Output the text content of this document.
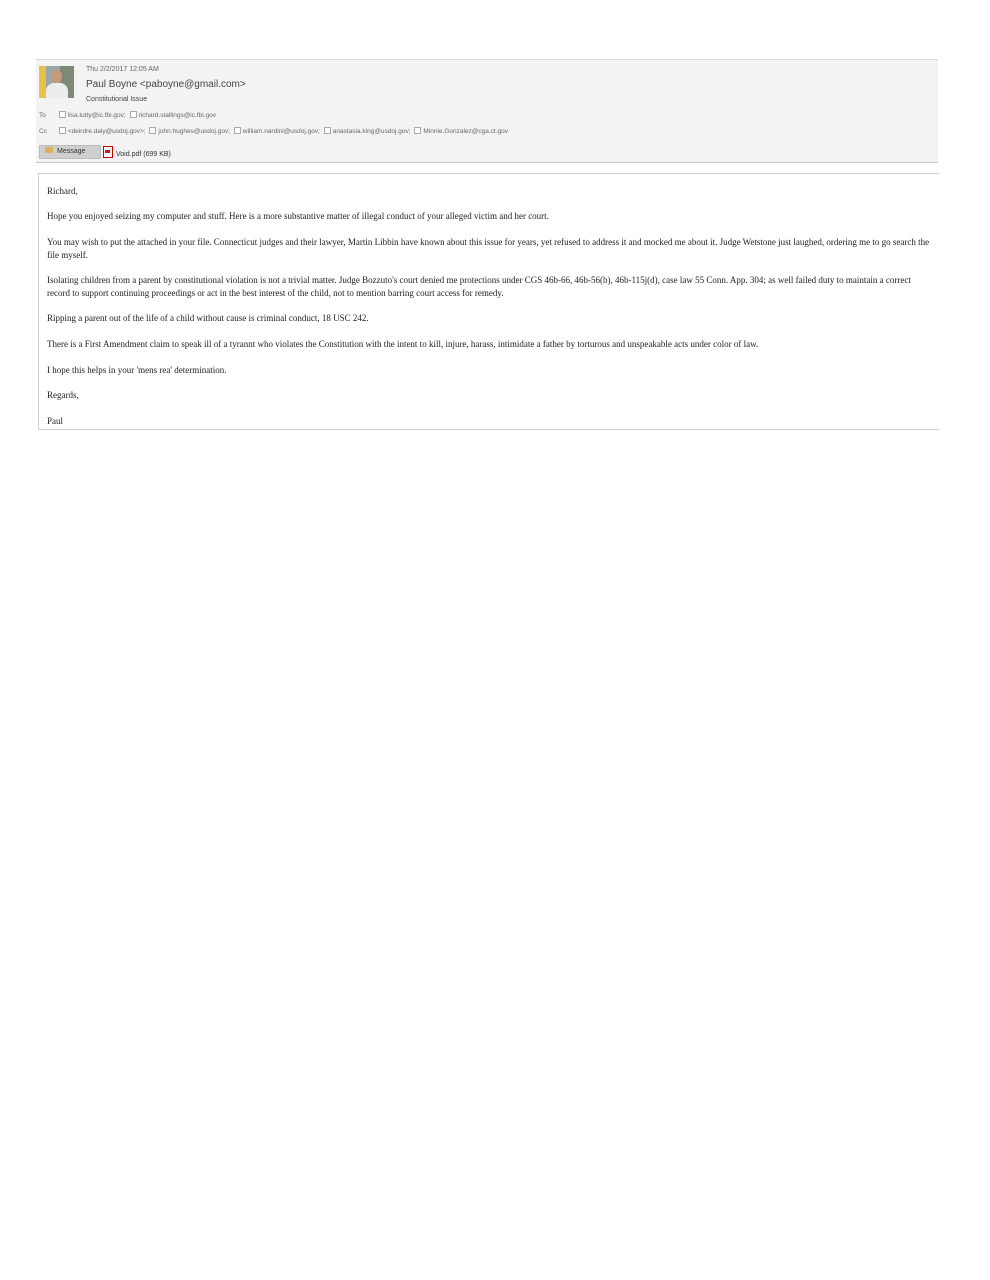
Thu 2/2/2017 12:05 AM
Paul Boyne <paboyne@gmail.com>
Constitutional Issue
To	lisa.tutty@ic.fbi.gov; richard.stallings@ic.fbi.gov
Cc	<deirdre.daly@usdoj.gov>; john.hughes@usdoj.gov; william.nardini@usdoj.gov; anastasia.king@usdoj.gov; Minnie.Gonzalez@cga.ct.gov
Message	Void.pdf (699 KB)
Richard,
Hope you enjoyed seizing my computer and stuff. Here is a more substantive matter of illegal conduct of your alleged victim and her court.
You may wish to put the attached in your file. Connecticut judges and their lawyer, Martin Libbin have known about this issue for years, yet refused to address it and mocked me about it. Judge Wetstone just laughed, ordering me to go search the file myself.
Isolating children from a parent by constitutional violation is not a trivial matter. Judge Bozzuto's court denied me protections under CGS 46b-66, 46b-56(b), 46b-115j(d), case law 55 Conn. App. 304; as well failed duty to maintain a correct record to support continuing proceedings or act in the best interest of the child, not to mention barring court access for remedy.
Ripping a parent out of the life of a child without cause is criminal conduct, 18 USC 242.
There is a First Amendment claim to speak ill of a tyrannt who violates the Constitution with the intent to kill, injure, harass, intimidate a father by torturous and unspeakable acts under color of law.
I hope this helps in your 'mens rea' determination.
Regards,
Paul
